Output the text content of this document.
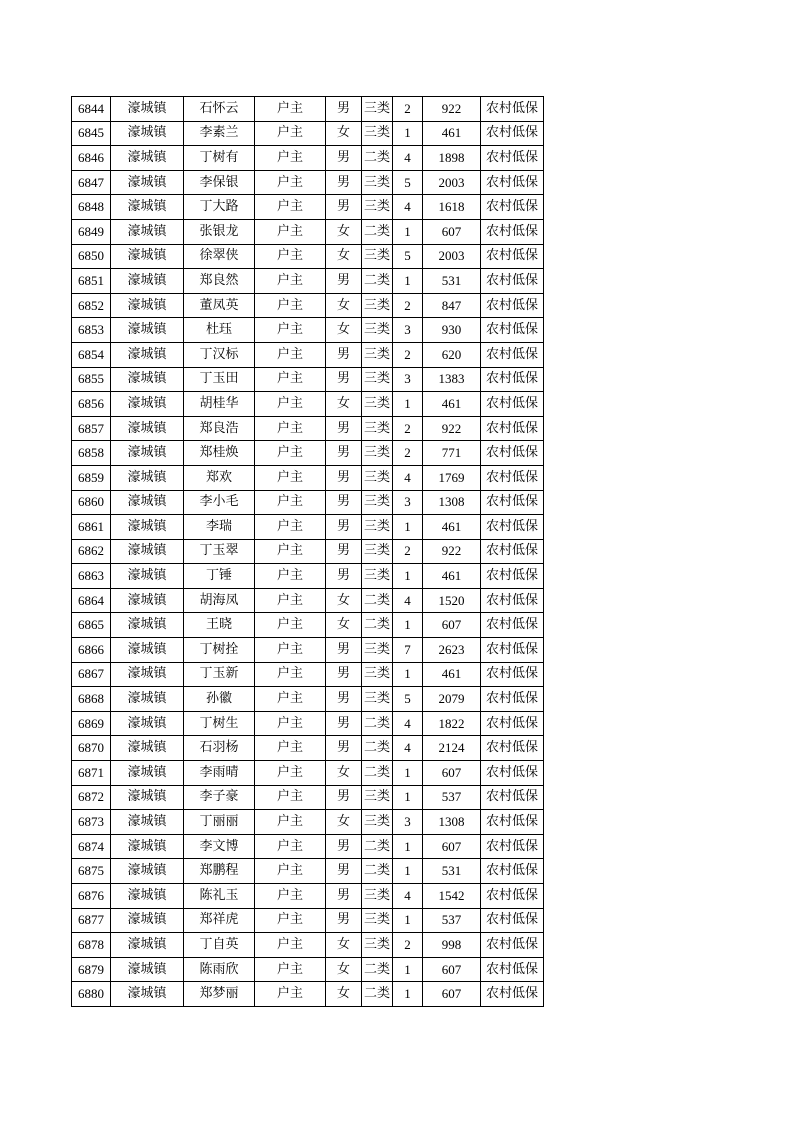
6844	濠城镇	石怀云	户主	男	三类	2	922	农村低保
6845	濠城镇	李素兰	户主	女	三类	1	461	农村低保
6846	濠城镇	丁树有	户主	男	二类	4	1898	农村低保
6847	濠城镇	李保银	户主	男	三类	5	2003	农村低保
6848	濠城镇	丁大路	户主	男	三类	4	1618	农村低保
6849	濠城镇	张银龙	户主	女	二类	1	607	农村低保
6850	濠城镇	徐翠侠	户主	女	三类	5	2003	农村低保
6851	濠城镇	郑良然	户主	男	二类	1	531	农村低保
6852	濠城镇	董凤英	户主	女	三类	2	847	农村低保
6853	濠城镇	杜珏	户主	女	三类	3	930	农村低保
6854	濠城镇	丁汉标	户主	男	三类	2	620	农村低保
6855	濠城镇	丁玉田	户主	男	三类	3	1383	农村低保
6856	濠城镇	胡桂华	户主	女	三类	1	461	农村低保
6857	濠城镇	郑良浩	户主	男	三类	2	922	农村低保
6858	濠城镇	郑桂焕	户主	男	三类	2	771	农村低保
6859	濠城镇	郑欢	户主	男	三类	4	1769	农村低保
6860	濠城镇	李小毛	户主	男	三类	3	1308	农村低保
6861	濠城镇	李瑞	户主	男	三类	1	461	农村低保
6862	濠城镇	丁玉翠	户主	男	三类	2	922	农村低保
6863	濠城镇	丁锤	户主	男	三类	1	461	农村低保
6864	濠城镇	胡海凤	户主	女	二类	4	1520	农村低保
6865	濠城镇	王晓	户主	女	二类	1	607	农村低保
6866	濠城镇	丁树拴	户主	男	三类	7	2623	农村低保
6867	濠城镇	丁玉新	户主	男	三类	1	461	农村低保
6868	濠城镇	孙徽	户主	男	三类	5	2079	农村低保
6869	濠城镇	丁树生	户主	男	二类	4	1822	农村低保
6870	濠城镇	石羽杨	户主	男	二类	4	2124	农村低保
6871	濠城镇	李雨晴	户主	女	二类	1	607	农村低保
6872	濠城镇	李子豪	户主	男	三类	1	537	农村低保
6873	濠城镇	丁丽丽	户主	女	三类	3	1308	农村低保
6874	濠城镇	李文博	户主	男	二类	1	607	农村低保
6875	濠城镇	郑鹏程	户主	男	二类	1	531	农村低保
6876	濠城镇	陈礼玉	户主	男	三类	4	1542	农村低保
6877	濠城镇	郑祥虎	户主	男	三类	1	537	农村低保
6878	濠城镇	丁自英	户主	女	三类	2	998	农村低保
6879	濠城镇	陈雨欣	户主	女	二类	1	607	农村低保
6880	濠城镇	郑梦丽	户主	女	二类	1	607	农村低保
